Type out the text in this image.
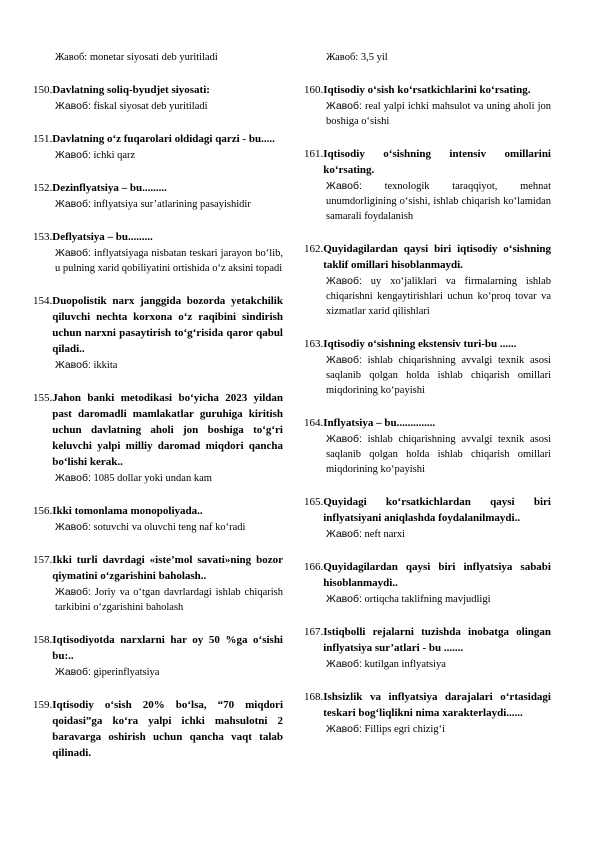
Жавоб: monetar siyosati deb yuritiladi
150. Davlatning soliq-byudjet siyosati:
Жавоб: fiskal siyosat deb yuritiladi
151. Davlatning o‘z fuqarolari oldidagi qarzi - bu.....
Жавоб: ichki qarz
152. Dezinflyatsiya – bu.........
Жавоб: inflyatsiya sur’atlarining pasayishidir
153. Deflyatsiya – bu.........
Жавоб: inflyatsiyaga nisbatan teskari jarayon bo‘lib, u pulning xarid qobiliyatini ortishida o‘z aksini topadi
154. Duopolistik narx janggida bozorda yetakchilik qiluvchi nechta korxona o‘z raqibini sindirish uchun narxni pasaytirish to‘g‘risida qaror qabul qiladi..
Жавоб: ikkita
155. Jahon banki metodikasi bo‘yicha 2023 yildan past daromadli mamlakatlar guruhiga kiritish uchun davlatning aholi jon boshiga to‘g‘ri keluvchi yalpi milliy daromad miqdori qancha bo‘lishi kerak..
Жавоб: 1085 dollar yoki undan kam
156. Ikki tomonlama monopoliyada..
Жавоб: sotuvchi va oluvchi teng naf ko‘radi
157. Ikki turli davrdagi «iste’mol savati»ning bozor qiymatini o‘zgarishini baholash..
Жавоб: Joriy va o‘tgan davrlardagi ishlab chiqarish tarkibini o‘zgarishini baholash
158. Iqtisodiyotda narxlarni har oy 50 %ga o‘sishi bu:..
Жавоб: giperinflyatsiya
159. Iqtisodiy o‘sish 20% bo‘lsa, “70 miqdori qoidasi”ga ko‘ra yalpi ichki mahsulotni 2 baravarga oshirish uchun qancha vaqt talab qilinadi.
Жавоб: 3,5 yil
160. Iqtisodiy o‘sish ko‘rsatkichlarini ko‘rsating.
Жавоб: real yalpi ichki mahsulot va uning aholi jon boshiga o‘sishi
161. Iqtisodiy o‘sishning intensiv omillarini ko‘rsating.
Жавоб: texnologik taraqqiyot, mehnat unumdorligining o‘sishi, ishlab chiqarish ko‘lamidan samarali foydalanish
162. Quyidagilardan qaysi biri iqtisodiy o‘sishning taklif omillari hisoblanmaydi.
Жавоб: uy xo‘jaliklari va firmalarning ishlab chiqarishni kengaytirishlari uchun ko‘proq tovar va xizmatlar xarid qilishlari
163. Iqtisodiy o‘sishning ekstensiv turi-bu ......
Жавоб: ishlab chiqarishning avvalgi texnik asosi saqlanib qolgan holda ishlab chiqarish omillari miqdorining ko‘payishi
164. Inflyatsiya – bu..............
Жавоб: ishlab chiqarishning avvalgi texnik asosi saqlanib qolgan holda ishlab chiqarish omillari miqdorining ko‘payishi
165. Quyidagi ko‘rsatkichlardan qaysi biri inflyatsiyani aniqlashda foydalanilmaydi..
Жавоб: neft narxi
166. Quyidagilardan qaysi biri inflyatsiya sababi hisoblanmaydi..
Жавоб: ortiqcha taklifning mavjudligi
167. Istiqbolli rejalarni tuzishda inobatga olingan inflyatsiya sur’atlari - bu .......
Жавоб: kutilgan inflyatsiya
168. Ishsizlik va inflyatsiya darajalari o‘rtasidagi teskari bog‘liqlikni nima xarakterlaydi......
Жавоб: Fillips egri chizig‘i
